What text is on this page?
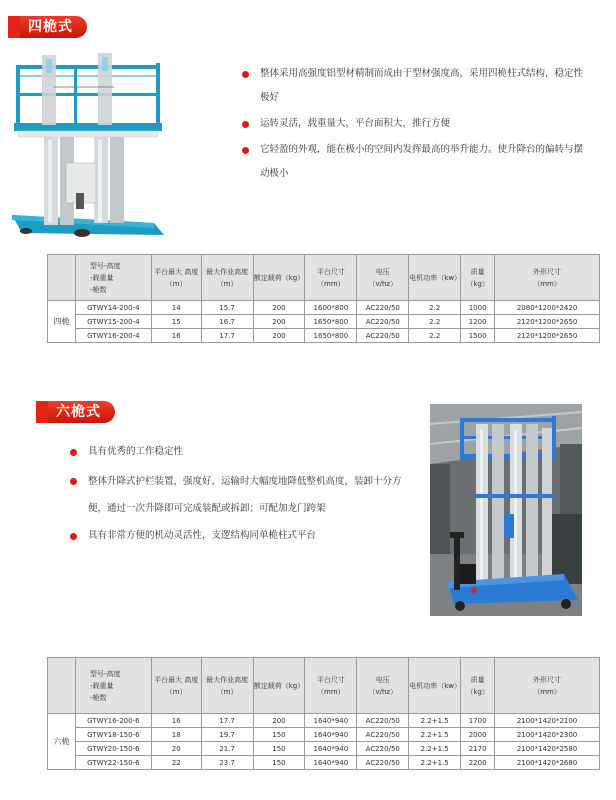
四桅式
整体采用高强度铝型材精制而成由于型材强度高，采用四桅柱式结构，稳定性极好
运转灵活，载重量大，平台面积大，推行方便
它轻盈的外观，能在极小的空间内发挥最高的举升能力。使升降台的偏转与摆动极小
	型号-高度
-载重量
-桅数	平台最大 高度
（m）	最大作业高度
（m）	额定载荷（kg）	平台尺寸
（mm）	电压
（v/hz）	电机功率（kw）	质量
（kg）	外形尺寸
（mm）
四桅	GTWY14-200-4	14	15.7	200	1600*800	AC220/50	2.2	1000	2080*1200*2420
	GTWY15-200-4	15	16.7	200	1650*800	AC220/50	2.2	1200	2120*1200*2650
	GTWY16-200-4	16	17.7	200	1650*800	AC220/50	2.2	1500	2120*1200*2650
六桅式
具有优秀的工作稳定性
整体升降式护栏装置，强度好，运输时大幅度地降低整机高度，装卸十分方便，通过一次升降即可完成装配或拆卸；可配加龙门跨架
具有非常方便的机动灵活性，支逻结构同单桅柱式平台
	型号-高度
-载重量
-桅数	平台最大 高度
（m）	最大作业高度
（m）	额定载荷（kg）	平台尺寸
（mm）	电压
（v/hz）	电机功率（kw）	质量
（kg）	外形尺寸
（mm）
六桅	GTWY16-200-6	16	17.7	200	1640*940	AC220/50	2.2+1.5	1700	2100*1420*2100
	GTWY18-150-6	18	19.7	150	1640*940	AC220/50	2.2+1.5	2000	2100*1420*2300
	GTWY20-150-6	20	21.7	150	1640*940	AC220/50	2.2+1.5	2170	2100*1420*2580
	GTWY22-150-6	22	23.7	150	1640*940	AC220/50	2.2+1.5	2200	2100*1420*2680
